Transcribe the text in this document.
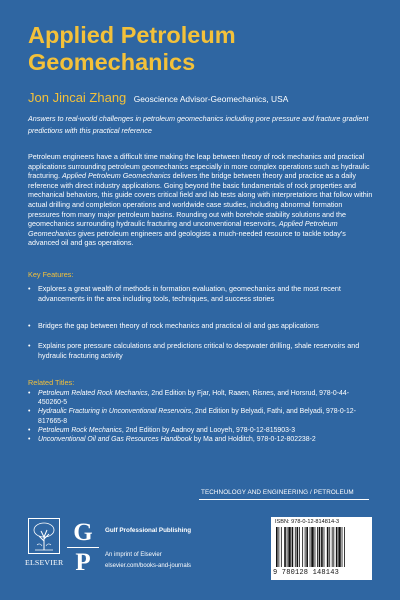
Applied Petroleum
Geomechanics
Jon Jincai Zhang Geoscience Advisor-Geomechanics, USA
Answers to real-world challenges in petroleum geomechanics including pore pressure and fracture gradient predictions with this practical reference
Petroleum engineers have a difficult time making the leap between theory of rock mechanics and practical applications surrounding petroleum geomechanics especially in more complex operations such as hydraulic fracturing. Applied Petroleum Geomechanics delivers the bridge between theory and practice as a daily reference with direct industry applications. Going beyond the basic fundamentals of rock properties and mechanical behaviors, this guide covers critical field and lab tests along with interpretations that follow within actual drilling and completion operations and worldwide case studies, including abnormal formation pressures from many major petroleum basins. Rounding out with borehole stability solutions and the geomechanics surrounding hydraulic fracturing and unconventional reservoirs, Applied Petroleum Geomechanics gives petroleum engineers and geologists a much-needed resource to tackle today's advanced oil and gas operations.
Key Features:
• Explores a great wealth of methods in formation evaluation, geomechanics and the most recent advancements in the area including tools, techniques, and success stories
• Bridges the gap between theory of rock mechanics and practical oil and gas applications
• Explains pore pressure calculations and predictions critical to deepwater drilling, shale reservoirs and hydraulic fracturing activity
Related Titles:
• Petroleum Related Rock Mechanics, 2nd Edition by Fjar, Holt, Raaen, Risnes, and Horsrud, 978-0-44-450260-5
• Hydraulic Fracturing in Unconventional Reservoirs, 2nd Edition by Belyadi, Fathi, and Belyadi, 978-0-12-817665-8
• Petroleum Rock Mechanics, 2nd Edition by Aadnoy and Looyeh, 978-0-12-815903-3
• Unconventional Oil and Gas Resources Handbook by Ma and Holditch, 978-0-12-802238-2
TECHNOLOGY AND ENGINEERING / PETROLEUM
ELSEVIER
G
P
Gulf Professional Publishing
An imprint of Elsevier
elsevier.com/books-and-journals
ISBN: 978-0-12-814814-3
9 780128 148143
